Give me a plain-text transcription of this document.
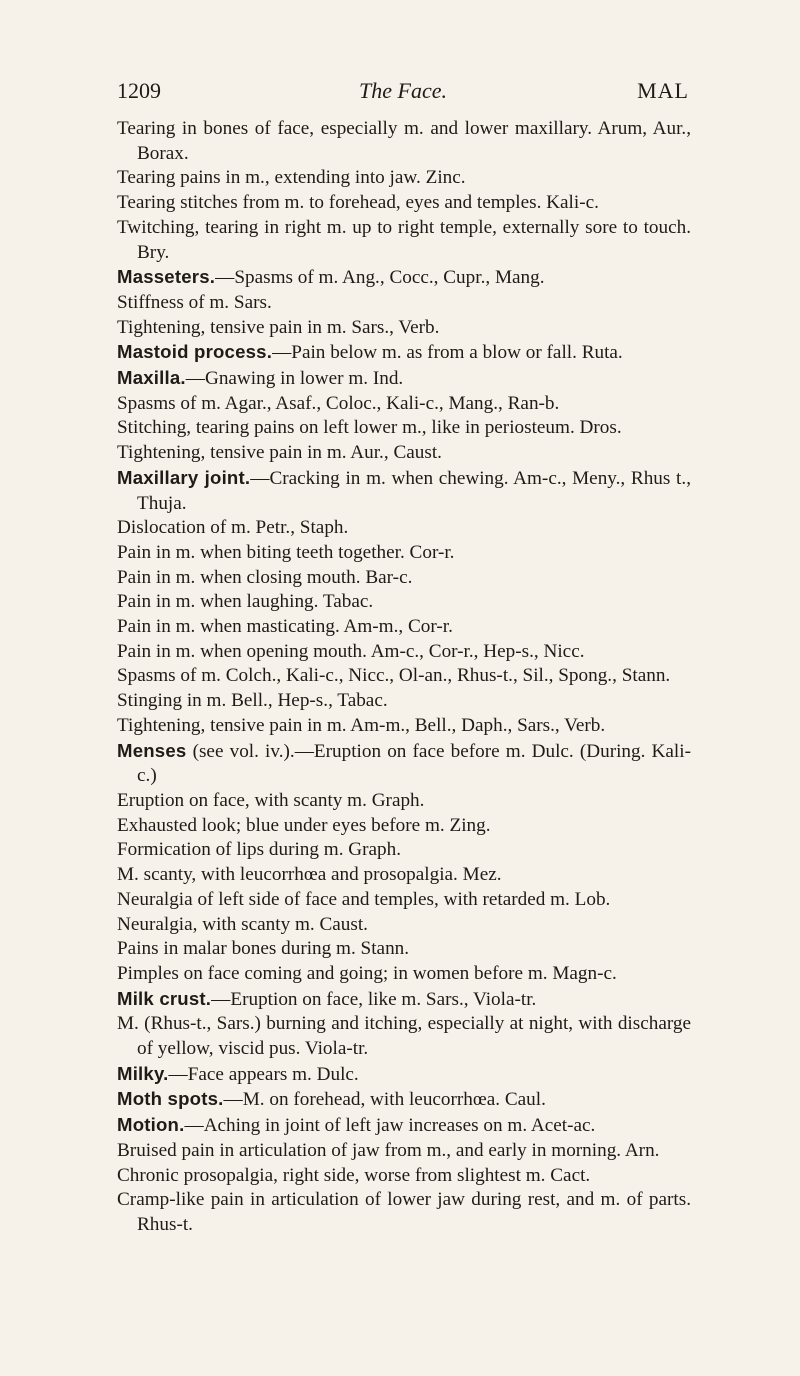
1209	The Face.	MAL
Tearing in bones of face, especially m. and lower maxillary. Arum, Aur., Borax.
Tearing pains in m., extending into jaw. Zinc.
Tearing stitches from m. to forehead, eyes and temples. Kali-c.
Twitching, tearing in right m. up to right temple, externally sore to touch. Bry.
Masseters.—Spasms of m. Ang., Cocc., Cupr., Mang.
Stiffness of m. Sars.
Tightening, tensive pain in m. Sars., Verb.
Mastoid process.—Pain below m. as from a blow or fall. Ruta.
Maxilla.—Gnawing in lower m. Ind.
Spasms of m. Agar., Asaf., Coloc., Kali-c., Mang., Ran-b.
Stitching, tearing pains on left lower m., like in periosteum. Dros.
Tightening, tensive pain in m. Aur., Caust.
Maxillary joint.—Cracking in m. when chewing. Am-c., Meny., Rhus t., Thuja.
Dislocation of m. Petr., Staph.
Pain in m. when biting teeth together. Cor-r.
Pain in m. when closing mouth. Bar-c.
Pain in m. when laughing. Tabac.
Pain in m. when masticating. Am-m., Cor-r.
Pain in m. when opening mouth. Am-c., Cor-r., Hep-s., Nicc.
Spasms of m. Colch., Kali-c., Nicc., Ol-an., Rhus-t., Sil., Spong., Stann.
Stinging in m. Bell., Hep-s., Tabac.
Tightening, tensive pain in m. Am-m., Bell., Daph., Sars., Verb.
Menses (see vol. iv.).—Eruption on face before m. Dulc. (During. Kali-c.)
Eruption on face, with scanty m. Graph.
Exhausted look; blue under eyes before m. Zing.
Formication of lips during m. Graph.
M. scanty, with leucorrhœa and prosopalgia. Mez.
Neuralgia of left side of face and temples, with retarded m. Lob.
Neuralgia, with scanty m. Caust.
Pains in malar bones during m. Stann.
Pimples on face coming and going; in women before m. Magn-c.
Milk crust.—Eruption on face, like m. Sars., Viola-tr.
M. (Rhus-t., Sars.) burning and itching, especially at night, with discharge of yellow, viscid pus. Viola-tr.
Milky.—Face appears m. Dulc.
Moth spots.—M. on forehead, with leucorrhœa. Caul.
Motion.—Aching in joint of left jaw increases on m. Acet-ac.
Bruised pain in articulation of jaw from m., and early in morning. Arn.
Chronic prosopalgia, right side, worse from slightest m. Cact.
Cramp-like pain in articulation of lower jaw during rest, and m. of parts. Rhus-t.
